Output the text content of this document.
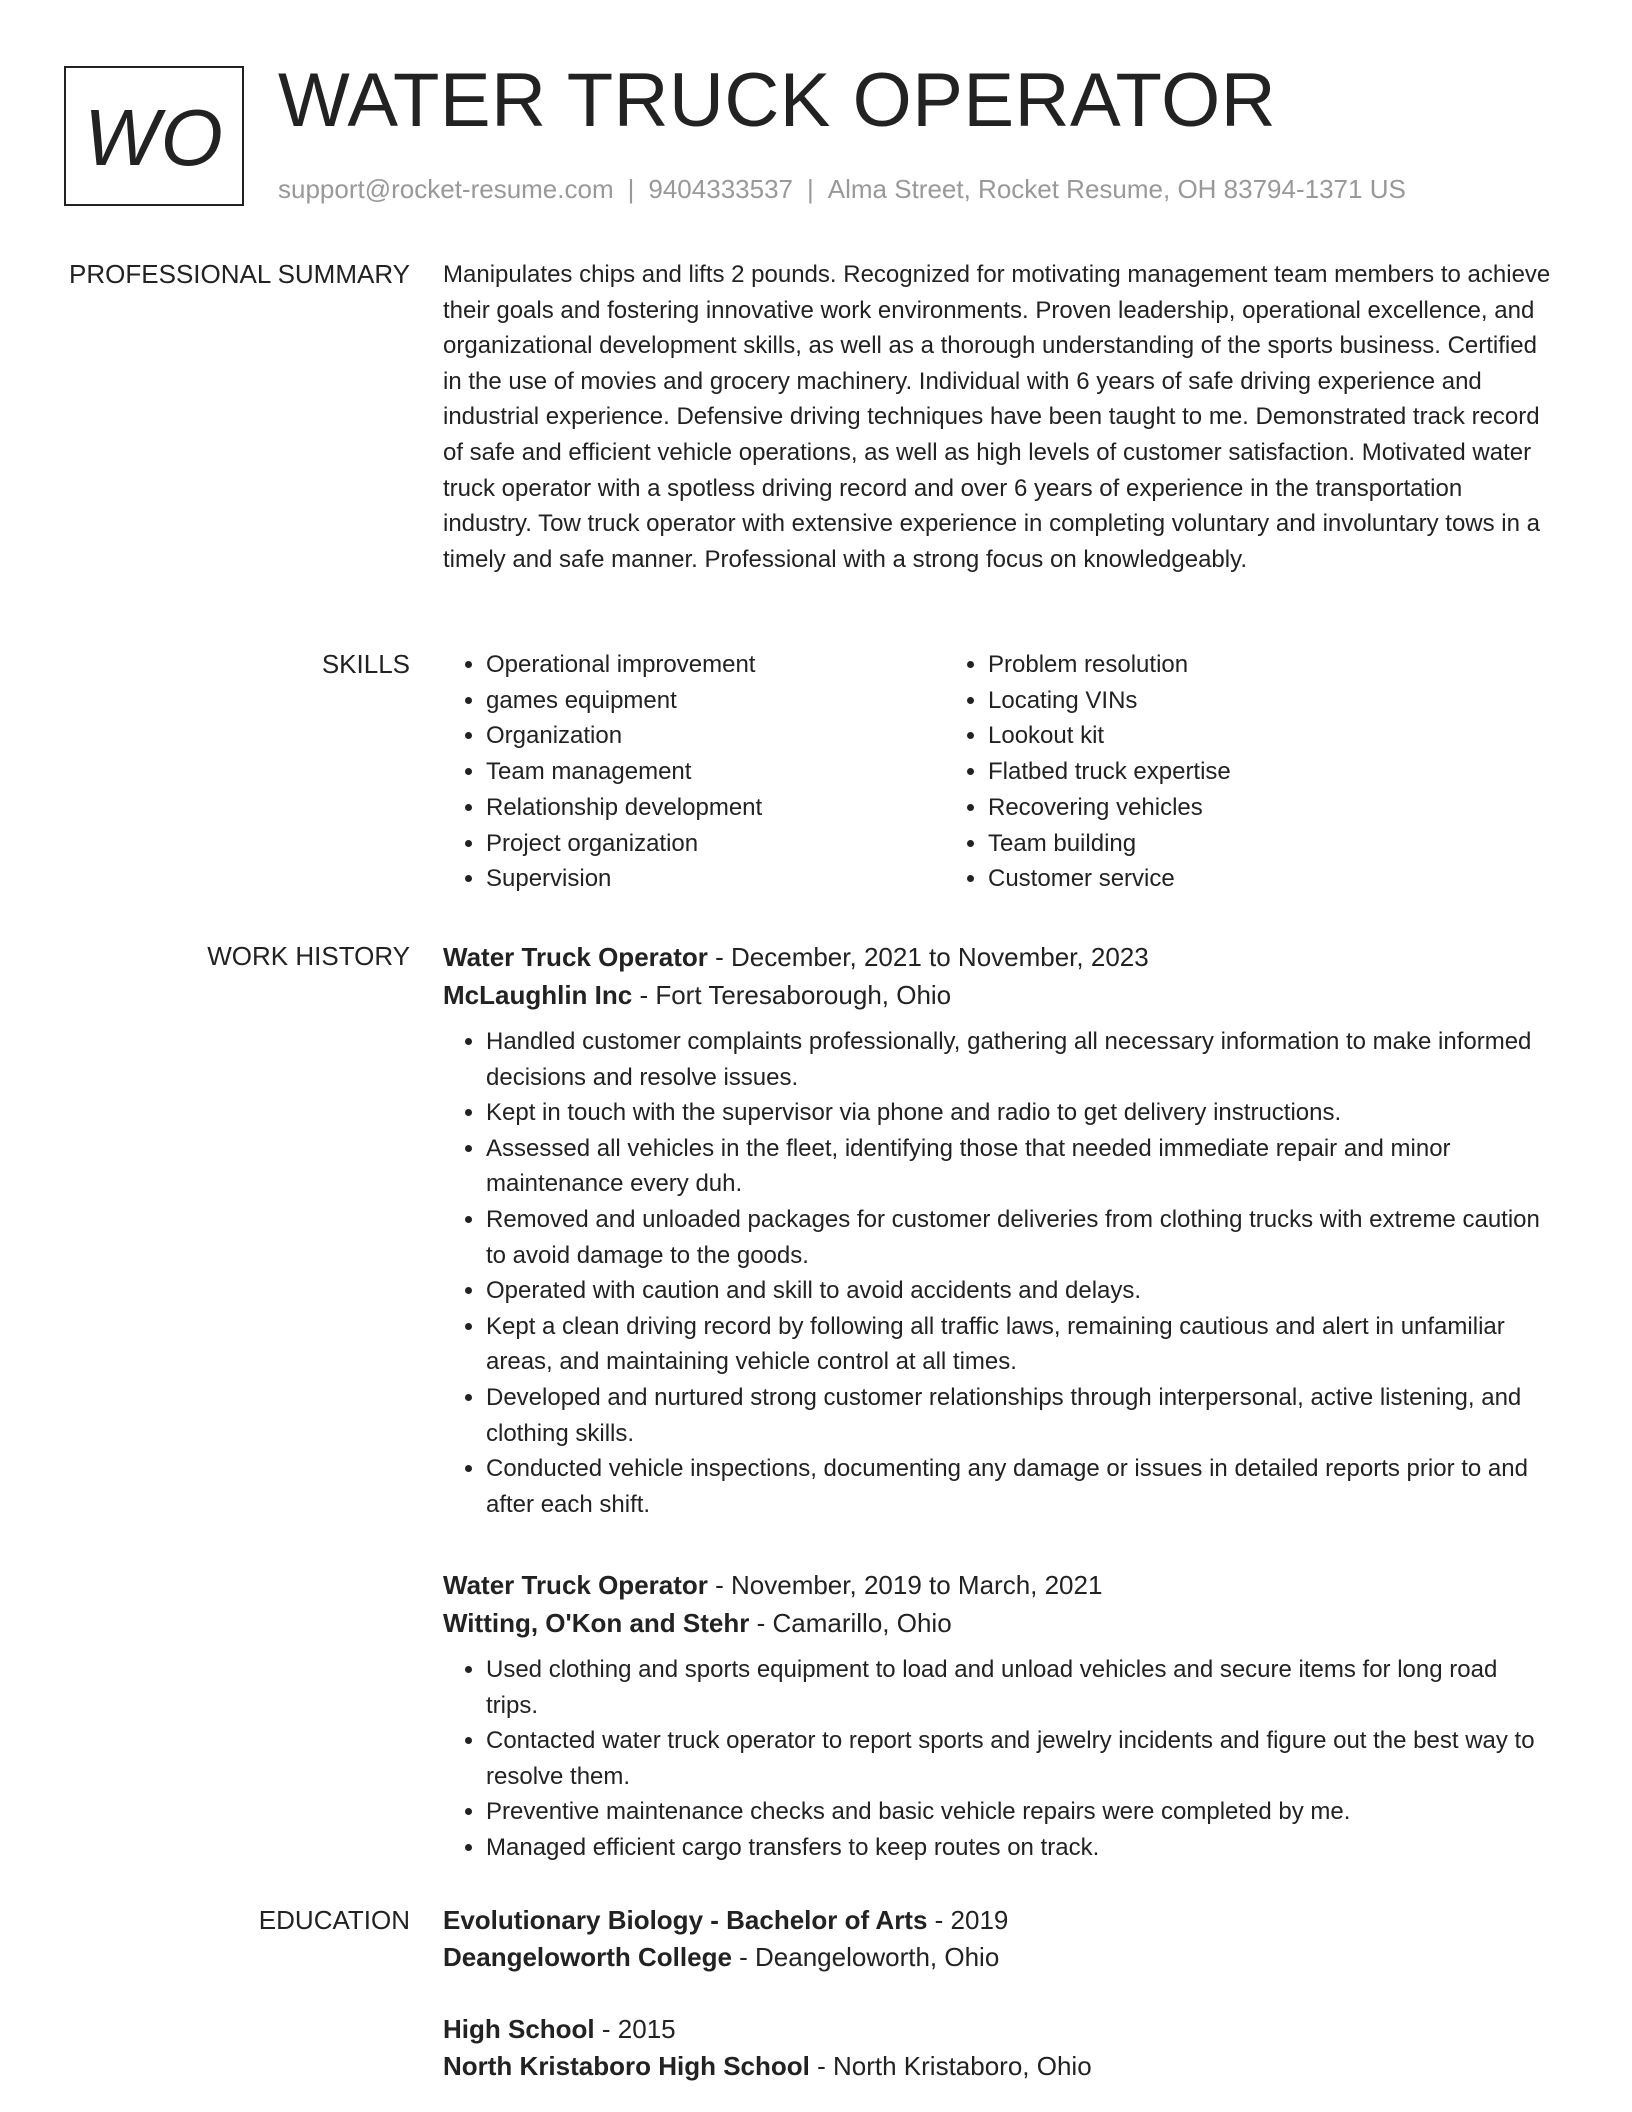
WO WATER TRUCK OPERATOR
support@rocket-resume.com | 9404333537 | Alma Street, Rocket Resume, OH 83794-1371 US
PROFESSIONAL SUMMARY Manipulates chips and lifts 2 pounds. Recognized for motivating management team members to achieve their goals and fostering innovative work environments. Proven leadership, operational excellence, and organizational development skills, as well as a thorough understanding of the sports business. Certified in the use of movies and grocery machinery. Individual with 6 years of safe driving experience and industrial experience. Defensive driving techniques have been taught to me. Demonstrated track record of safe and efficient vehicle operations, as well as high levels of customer satisfaction. Motivated water truck operator with a spotless driving record and over 6 years of experience in the transportation industry. Tow truck operator with extensive experience in completing voluntary and involuntary tows in a timely and safe manner. Professional with a strong focus on knowledgeably.

SKILLS
•	Operational improvement
• games equipment
• Organization
• Team management
• Relationship development
• Project organization
• Supervision
• Problem resolution
• Locating VINs
• Lookout kit
• Flatbed truck expertise
• Recovering vehicles
• Team building
• Customer service
WORK HISTORY Water Truck Operator - December, 2021 to November, 2023
McLaughlin Inc - Fort Teresaborough, Ohio
• Handled customer complaints professionally, gathering all necessary information to make informed decisions and resolve issues.
• Kept in touch with the supervisor via phone and radio to get delivery instructions.
• Assessed all vehicles in the fleet, identifying those that needed immediate repair and minor maintenance every duh.
• Removed and unloaded packages for customer deliveries from clothing trucks with extreme caution to avoid damage to the goods.
• Operated with caution and skill to avoid accidents and delays.
• Kept a clean driving record by following all traffic laws, remaining cautious and alert in unfamiliar areas, and maintaining vehicle control at all times.
• Developed and nurtured strong customer relationships through interpersonal, active listening, and clothing skills.
• Conducted vehicle inspections, documenting any damage or issues in detailed reports prior to and after each shift.
Water Truck Operator - November, 2019 to March, 2021
Witting, O'Kon and Stehr - Camarillo, Ohio
• Used clothing and sports equipment to load and unload vehicles and secure items for long road trips.
• Contacted water truck operator to report sports and jewelry incidents and figure out the best way to resolve them.
• Preventive maintenance checks and basic vehicle repairs were completed by me.
• Managed efficient cargo transfers to keep routes on track.
EDUCATION Evolutionary Biology - Bachelor of Arts - 2019
Deangeloworth College - Deangeloworth, Ohio
High School - 2015
North Kristaboro High School - North Kristaboro, Ohio
